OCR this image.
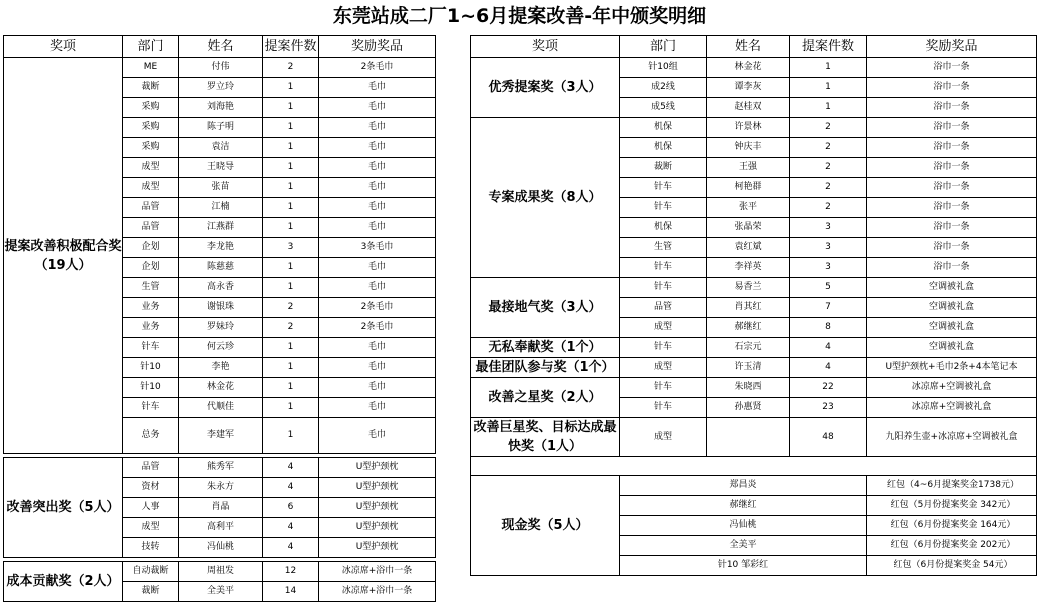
东莞站成二厂1~6月提案改善-年中颁奖明细
奖项	部门	姓名	提案件数	奖励奖品
提案改善积极配合奖（19人）	ME	付伟	2	2条毛巾
	裁断	罗立玲	1	毛巾
	采购	刘海艳	1	毛巾
	采购	陈子明	1	毛巾
	采购	袁洁	1	毛巾
	成型	王晓导	1	毛巾
	成型	张苗	1	毛巾
	品管	江楠	1	毛巾
	品管	江燕群	1	毛巾
	企划	李龙艳	3	3条毛巾
	企划	陈慈慈	1	毛巾
	生管	高永香	1	毛巾
	业务	谢银珠	2	2条毛巾
	业务	罗妹玲	2	2条毛巾
	针车	何云珍	1	毛巾
	针10	李艳	1	毛巾
	针10	林金花	1	毛巾
	针车	代顺佳	1	毛巾
	总务	李建军	1	毛巾

改善突出奖（5人）	品管	熊秀军	4	U型护颈枕
	资材	朱永方	4	U型护颈枕
	人事	肖晶	6	U型护颈枕
	成型	高利平	4	U型护颈枕
	技转	冯仙桃	4	U型护颈枕

成本贡献奖（2人）	自动裁断	周祖发	12	冰凉席+浴巾一条
	裁断	全美平	14	冰凉席+浴巾一条
奖项	部门	姓名	提案件数	奖励奖品
优秀提案奖（3人）	针10组	林金花	1	浴巾一条
	成2线	谭李灰	1	浴巾一条
	成5线	赵桂双	1	浴巾一条
专案成果奖（8人）	机保	许景林	2	浴巾一条
	机保	钟庆丰	2	浴巾一条
	裁断	王强	2	浴巾一条
	针车	柯艳群	2	浴巾一条
	针车	张平	2	浴巾一条
	机保	张晶荣	3	浴巾一条
	生管	袁红斌	3	浴巾一条
	针车	李祥英	3	浴巾一条
最接地气奖（3人）	针车	易香兰	5	空调被礼盒
	品管	肖其红	7	空调被礼盒
	成型	郝继红	8	空调被礼盒
无私奉献奖（1个）	针车	石宗元	4	空调被礼盒
最佳团队参与奖（1个）	成型	许玉清	4	U型护颈枕+毛巾2条+4本笔记本
改善之星奖（2人）	针车	朱晓西	22	冰凉席+空调被礼盒
	针车	孙惠贤	23	冰凉席+空调被礼盒
改善巨星奖、目标达成最快奖（1人）	成型		48	九阳养生壶+冰凉席+空调被礼盒

现金奖（5人）	郑昌炎			红包（4~6月提案奖金1738元）
	郝继红			红包（5月份提案奖金 342元）
	冯仙桃			红包（6月份提案奖金 164元）
	全美平			红包（6月份提案奖金 202元）
	针10 邹彩红			红包（6月份提案奖金 54元）
